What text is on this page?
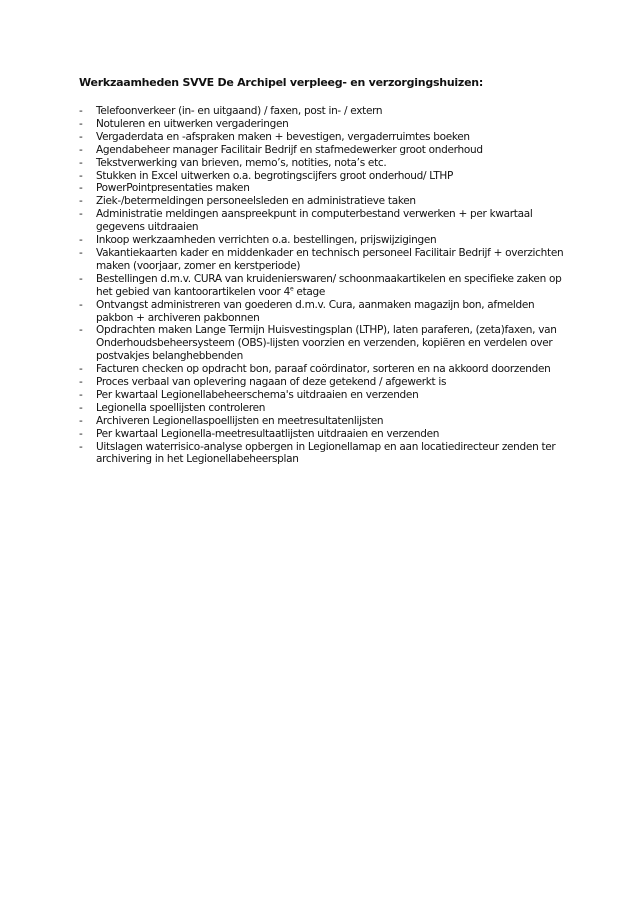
Werkzaamheden SVVE De Archipel verpleeg- en verzorgingshuizen:
- Telefoonverkeer (in- en uitgaand) / faxen, post in- / extern
- Notuleren en uitwerken vergaderingen
- Vergaderdata en -afspraken maken + bevestigen, vergaderruimtes boeken
- Agendabeheer manager Facilitair Bedrijf en stafmedewerker groot onderhoud
- Tekstverwerking van brieven, memo’s, notities, nota’s etc.
- Stukken in Excel uitwerken o.a. begrotingscijfers groot onderhoud/ LTHP
- PowerPointpresentaties maken
- Ziek-/betermeldingen personeelsleden en administratieve taken
- Administratie meldingen aanspreekpunt in computerbestand verwerken + per kwartaal gegevens uitdraaien
- Inkoop werkzaamheden verrichten o.a. bestellingen, prijswijzigingen
- Vakantiekaarten kader en middenkader en technisch personeel Facilitair Bedrijf + overzichten maken (voorjaar, zomer en kerstperiode)
- Bestellingen d.m.v. CURA van kruidenierswaren/ schoonmaakartikelen en specifieke zaken op het gebied van kantoorartikelen voor 4e etage
- Ontvangst administreren van goederen d.m.v. Cura, aanmaken magazijn bon, afmelden pakbon + archiveren pakbonnen
- Opdrachten maken Lange Termijn Huisvestingsplan (LTHP), laten paraferen, (zeta)faxen, van Onderhoudsbeheersysteem (OBS)-lijsten voorzien en verzenden, kopiëren en verdelen over postvakjes belanghebbenden
- Facturen checken op opdracht bon, paraaf coördinator, sorteren en na akkoord doorzenden
- Proces verbaal van oplevering nagaan of deze getekend / afgewerkt is
- Per kwartaal Legionellabeheerschema's uitdraaien en verzenden
- Legionella spoellijsten controleren
- Archiveren Legionellaspoellijsten en meetresultatenlijsten
- Per kwartaal Legionella-meetresultaatlijsten uitdraaien en verzenden
- Uitslagen waterrisico-analyse opbergen in Legionellamap en aan locatiedirecteur zenden ter archivering in het Legionellabeheersplan
